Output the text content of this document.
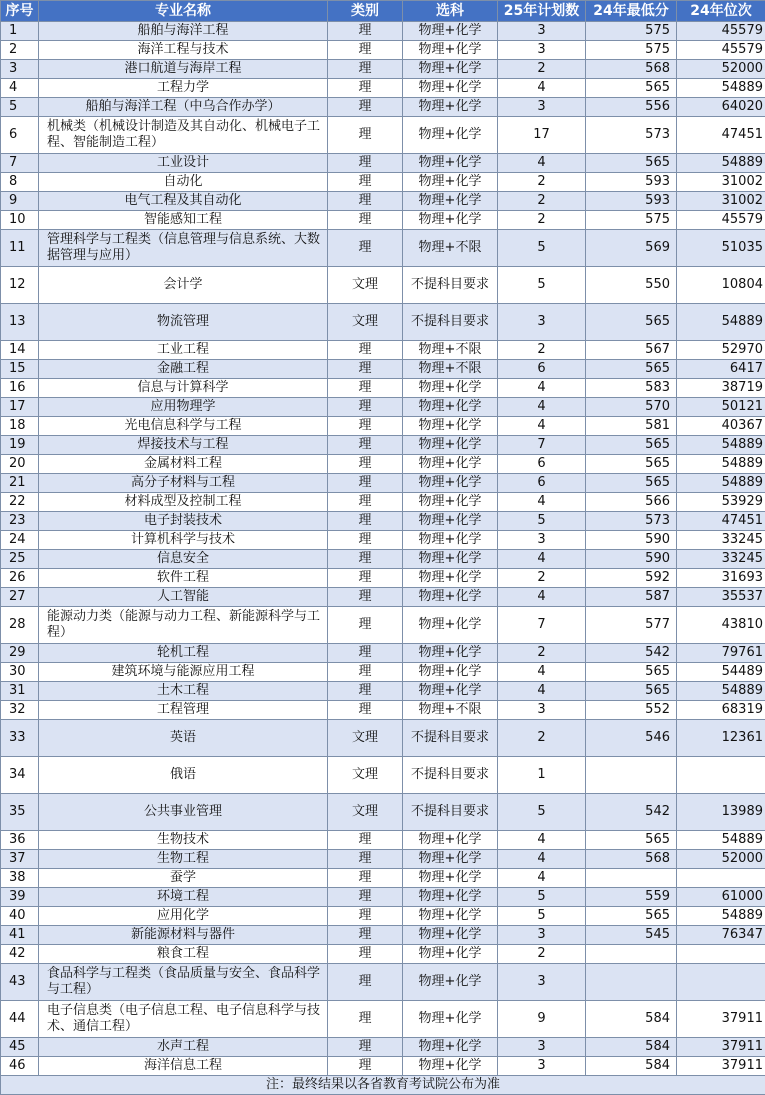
序号	专业名称	类别	选科	25年计划数	24年最低分	24年位次
1	船舶与海洋工程	理	物理+化学	3	575	45579
2	海洋工程与技术	理	物理+化学	3	575	45579
3	港口航道与海岸工程	理	物理+化学	2	568	52000
4	工程力学	理	物理+化学	4	565	54889
5	船舶与海洋工程（中乌合作办学）	理	物理+化学	3	556	64020
6	机械类（机械设计制造及其自动化、机械电子工程、智能制造工程）	理	物理+化学	17	573	47451
7	工业设计	理	物理+化学	4	565	54889
8	自动化	理	物理+化学	2	593	31002
9	电气工程及其自动化	理	物理+化学	2	593	31002
10	智能感知工程	理	物理+化学	2	575	45579
11	管理科学与工程类（信息管理与信息系统、大数据管理与应用）	理	物理+不限	5	569	51035
12	会计学	文理	不提科目要求	5	550	10804
13	物流管理	文理	不提科目要求	3	565	54889
14	工业工程	理	物理+不限	2	567	52970
15	金融工程	理	物理+不限	6	565	6417
16	信息与计算科学	理	物理+化学	4	583	38719
17	应用物理学	理	物理+化学	4	570	50121
18	光电信息科学与工程	理	物理+化学	4	581	40367
19	焊接技术与工程	理	物理+化学	7	565	54889
20	金属材料工程	理	物理+化学	6	565	54889
21	高分子材料与工程	理	物理+化学	6	565	54889
22	材料成型及控制工程	理	物理+化学	4	566	53929
23	电子封装技术	理	物理+化学	5	573	47451
24	计算机科学与技术	理	物理+化学	3	590	33245
25	信息安全	理	物理+化学	4	590	33245
26	软件工程	理	物理+化学	2	592	31693
27	人工智能	理	物理+化学	4	587	35537
28	能源动力类（能源与动力工程、新能源科学与工程）	理	物理+化学	7	577	43810
29	轮机工程	理	物理+化学	2	542	79761
30	建筑环境与能源应用工程	理	物理+化学	4	565	54489
31	土木工程	理	物理+化学	4	565	54889
32	工程管理	理	物理+不限	3	552	68319
33	英语	文理	不提科目要求	2	546	12361
34	俄语	文理	不提科目要求	1		
35	公共事业管理	文理	不提科目要求	5	542	13989
36	生物技术	理	物理+化学	4	565	54889
37	生物工程	理	物理+化学	4	568	52000
38	蚕学	理	物理+化学	4		
39	环境工程	理	物理+化学	5	559	61000
40	应用化学	理	物理+化学	5	565	54889
41	新能源材料与器件	理	物理+化学	3	545	76347
42	粮食工程	理	物理+化学	2		
43	食品科学与工程类（食品质量与安全、食品科学与工程）	理	物理+化学	3		
44	电子信息类（电子信息工程、电子信息科学与技术、通信工程）	理	物理+化学	9	584	37911
45	水声工程	理	物理+化学	3	584	37911
46	海洋信息工程	理	物理+化学	3	584	37911
注：最终结果以各省教育考试院公布为准						
